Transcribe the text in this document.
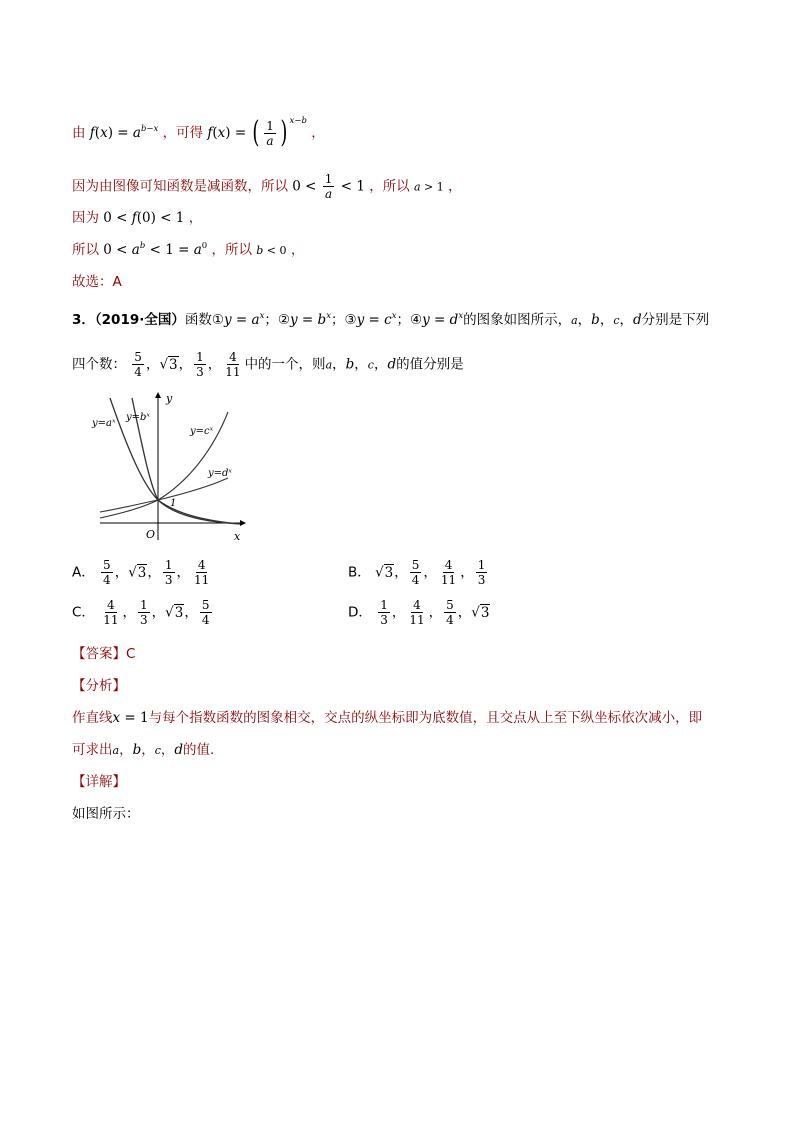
由 $f(x) = a^{b-x}$ ，可得 f(x) = ( $\frac{1}{a}$ ) $^{x-b}$ ，
因为由图像可知函数是减函数，所以 $0 < \frac{1}{a} < 1$ ，所以 a > 1 ，
因为 0 < f(0) < 1 ，
所以 $0 < a^b < 1 = a^0$ ，所以 b < 0 ，
故选：A
3．（2019·全国）函数①y = $a^x$；②y = $b^x$；③y = $c^x$；④y = $d^x$的图象如图所示，a，b，c，d分别是下列
四个数： $\frac{5}{4}$ ，√3， $\frac{1}{3}$ ， $\frac{4}{11}$ 中的一个，则a，b，c，d的值分别是
y=aˣ
y=bˣ
y=cˣ
y=dˣ
1
O	x
y
A． $\frac{5}{4}$ ，√3， $\frac{1}{3}$ ， $\frac{4}{11}$	B． √3， $\frac{5}{4}$ ， $\frac{4}{11}$ ， $\frac{1}{3}$
C． $\frac{4}{11}$ ， $\frac{1}{3}$ ，√3， $\frac{5}{4}$	D． $\frac{1}{3}$ ， $\frac{4}{11}$ ， $\frac{5}{4}$ ，√3
【答案】C
【分析】
作直线x = 1与每个指数函数的图象相交，交点的纵坐标即为底数值，且交点从上至下纵坐标依次减小，即
可求出a，b，c，d的值.
【详解】
如图所示：
